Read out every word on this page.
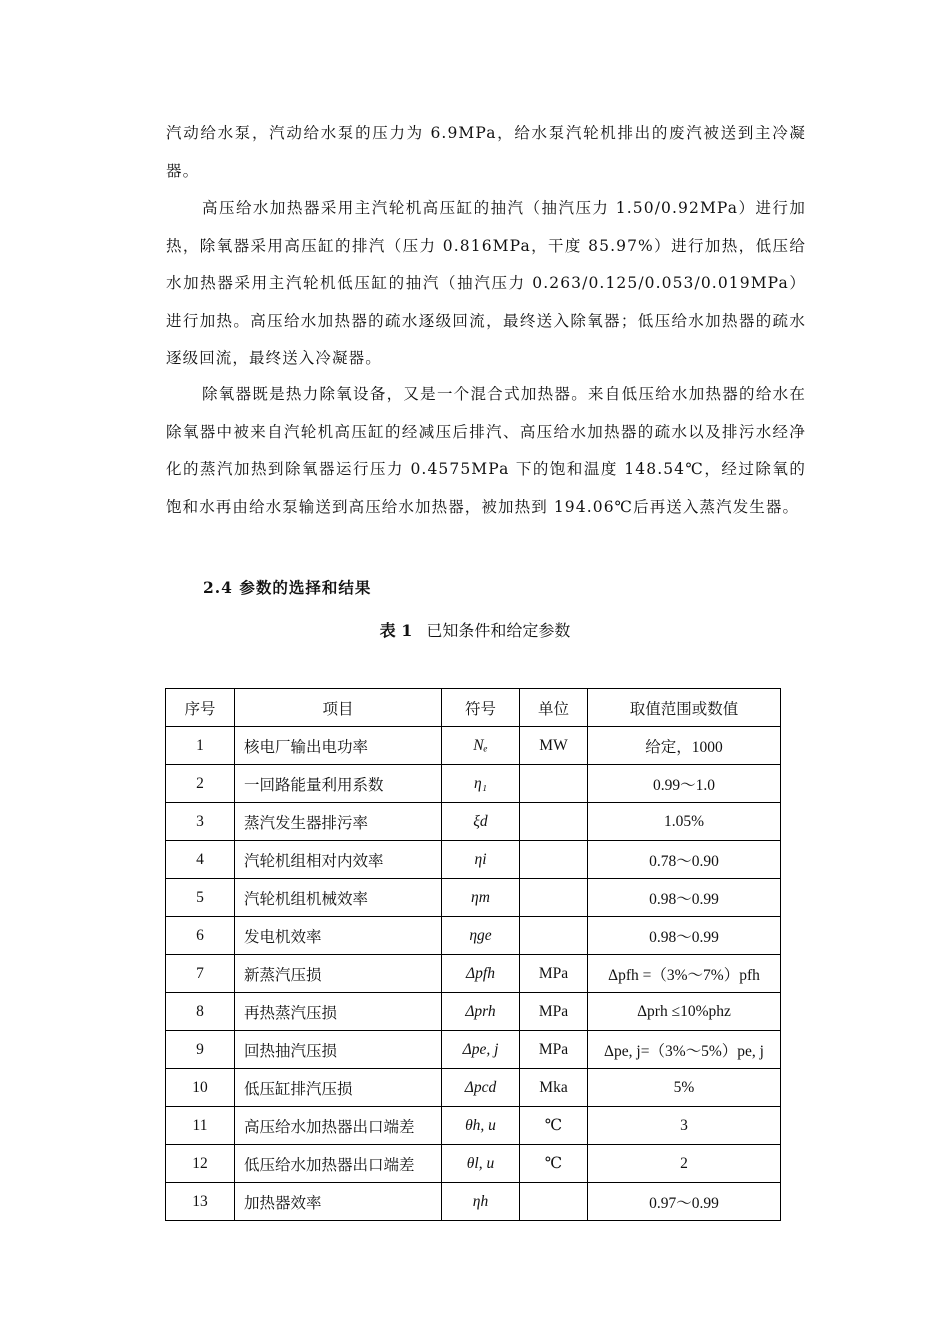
汽动给水泵，汽动给水泵的压力为 6.9MPa，给水泵汽轮机排出的废汽被送到主冷凝器。

高压给水加热器采用主汽轮机高压缸的抽汽（抽汽压力 1.50/0.92MPa）进行加热，除氧器采用高压缸的排汽（压力 0.816MPa，干度 85.97%）进行加热，低压给水加热器采用主汽轮机低压缸的抽汽（抽汽压力 0.263/0.125/0.053/0.019MPa）进行加热。高压给水加热器的疏水逐级回流，最终送入除氧器；低压给水加热器的疏水逐级回流，最终送入冷凝器。

除氧器既是热力除氧设备，又是一个混合式加热器。来自低压给水加热器的给水在除氧器中被来自汽轮机高压缸的经减压后排汽、高压给水加热器的疏水以及排污水经净化的蒸汽加热到除氧器运行压力 0.4575MPa 下的饱和温度 148.54℃，经过除氧的饱和水再由给水泵输送到高压给水加热器，被加热到 194.06℃后再送入蒸汽发生器。

2.4 参数的选择和结果

表 1 已知条件和给定参数

序号	项目	符号	单位	取值范围或数值
1	核电厂输出电功率	Nₑ	MW	给定，1000
2	一回路能量利用系数	η₁		0.99～1.0
3	蒸汽发生器排污率	ξd		1.05%
4	汽轮机组相对内效率	ηi		0.78～0.90
5	汽轮机组机械效率	ηm		0.98～0.99
6	发电机效率	ηge		0.98～0.99
7	新蒸汽压损	Δpfh	MPa	Δpfh =（3%～7%）pfh
8	再热蒸汽压损	Δprh	MPa	Δprh ≤10%phz
9	回热抽汽压损	Δpe, j	MPa	Δpe, j=（3%～5%）pe, j
10	低压缸排汽压损	Δpcd	Mka	5%
11	高压给水加热器出口端差	θh, u	℃	3
12	低压给水加热器出口端差	θl, u	℃	2
13	加热器效率	ηh		0.97～0.99
